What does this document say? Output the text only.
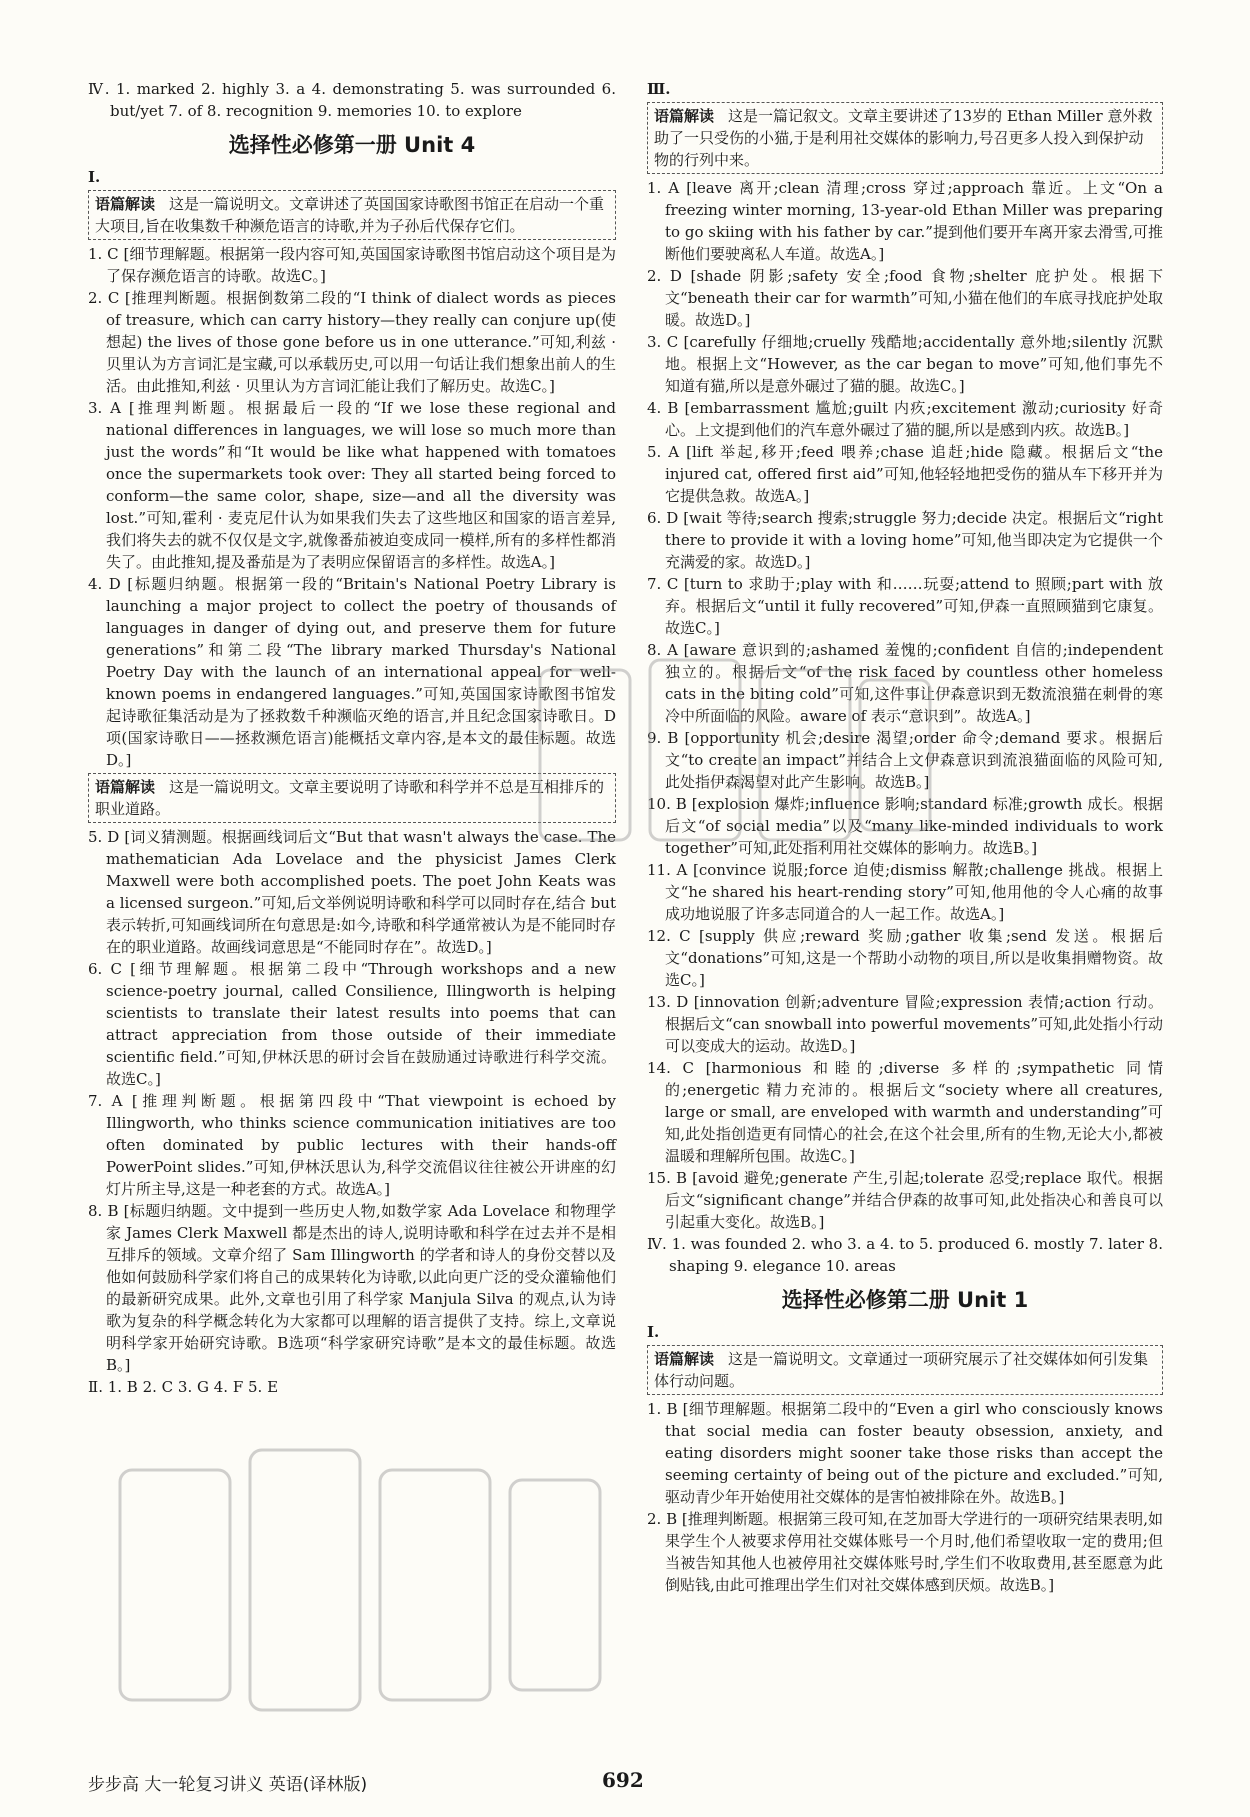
Ⅳ. 1. marked 2. highly 3. a 4. demonstrating 5. was surrounded 6. but/yet 7. of 8. recognition 9. memories 10. to explore

选择性必修第一册 Unit 4

Ⅰ.

语篇解读 这是一篇说明文。文章讲述了英国国家诗歌图书馆正在启动一个重大项目,旨在收集数千种濒危语言的诗歌,并为子孙后代保存它们。

1. C [细节理解题。根据第一段内容可知,英国国家诗歌图书馆启动这个项目是为了保存濒危语言的诗歌。故选C。]

2. C [推理判断题。根据倒数第二段的“I think of dialect words as pieces of treasure, which can carry history—they really can conjure up(使想起) the lives of those gone before us in one utterance.”可知,利兹 · 贝里认为方言词汇是宝藏,可以承载历史,可以用一句话让我们想象出前人的生活。由此推知,利兹 · 贝里认为方言词汇能让我们了解历史。故选C。]

3. A [推理判断题。根据最后一段的“If we lose these regional and national differences in languages, we will lose so much more than just the words”和“It would be like what happened with tomatoes once the supermarkets took over: They all started being forced to conform—the same color, shape, size—and all the diversity was lost.”可知,霍利 · 麦克尼什认为如果我们失去了这些地区和国家的语言差异,我们将失去的就不仅仅是文字,就像番茄被迫变成同一模样,所有的多样性都消失了。由此推知,提及番茄是为了表明应保留语言的多样性。故选A。]

4. D [标题归纳题。根据第一段的“Britain's National Poetry Library is launching a major project to collect the poetry of thousands of languages in danger of dying out, and preserve them for future generations”和第二段“The library marked Thursday's National Poetry Day with the launch of an international appeal for well-known poems in endangered languages.”可知,英国国家诗歌图书馆发起诗歌征集活动是为了拯救数千种濒临灭绝的语言,并且纪念国家诗歌日。D项(国家诗歌日——拯救濒危语言)能概括文章内容,是本文的最佳标题。故选D。]

语篇解读 这是一篇说明文。文章主要说明了诗歌和科学并不总是互相排斥的职业道路。

5. D [词义猜测题。根据画线词后文“But that wasn't always the case. The mathematician Ada Lovelace and the physicist James Clerk Maxwell were both accomplished poets. The poet John Keats was a licensed surgeon.”可知,后文举例说明诗歌和科学可以同时存在,结合 but 表示转折,可知画线词所在句意思是:如今,诗歌和科学通常被认为是不能同时存在的职业道路。故画线词意思是“不能同时存在”。故选D。]

6. C [细节理解题。根据第二段中“Through workshops and a new science-poetry journal, called Consilience, Illingworth is helping scientists to translate their latest results into poems that can attract appreciation from those outside of their immediate scientific field.”可知,伊林沃思的研讨会旨在鼓励通过诗歌进行科学交流。故选C。]

7. A [推理判断题。根据第四段中“That viewpoint is echoed by Illingworth, who thinks science communication initiatives are too often dominated by public lectures with their hands-off PowerPoint slides.”可知,伊林沃思认为,科学交流倡议往往被公开讲座的幻灯片所主导,这是一种老套的方式。故选A。]

8. B [标题归纳题。文中提到一些历史人物,如数学家 Ada Lovelace 和物理学家 James Clerk Maxwell 都是杰出的诗人,说明诗歌和科学在过去并不是相互排斥的领域。文章介绍了 Sam Illingworth 的学者和诗人的身份交替以及他如何鼓励科学家们将自己的成果转化为诗歌,以此向更广泛的受众灌输他们的最新研究成果。此外,文章也引用了科学家 Manjula Silva 的观点,认为诗歌为复杂的科学概念转化为大家都可以理解的语言提供了支持。综上,文章说明科学家开始研究诗歌。B选项“科学家研究诗歌”是本文的最佳标题。故选B。]

Ⅱ. 1. B 2. C 3. G 4. F 5. E

Ⅲ.

语篇解读 这是一篇记叙文。文章主要讲述了13岁的 Ethan Miller 意外救助了一只受伤的小猫,于是利用社交媒体的影响力,号召更多人投入到保护动物的行列中来。

1. A [leave 离开;clean 清理;cross 穿过;approach 靠近。上文“On a freezing winter morning, 13-year-old Ethan Miller was preparing to go skiing with his father by car.”提到他们要开车离开家去滑雪,可推断他们要驶离私人车道。故选A。]

2. D [shade 阴影;safety 安全;food 食物;shelter 庇护处。根据下文“beneath their car for warmth”可知,小猫在他们的车底寻找庇护处取暖。故选D。]

3. C [carefully 仔细地;cruelly 残酷地;accidentally 意外地;silently 沉默地。根据上文“However, as the car began to move”可知,他们事先不知道有猫,所以是意外碾过了猫的腿。故选C。]

4. B [embarrassment 尴尬;guilt 内疚;excitement 激动;curiosity 好奇心。上文提到他们的汽车意外碾过了猫的腿,所以是感到内疚。故选B。]

5. A [lift 举起,移开;feed 喂养;chase 追赶;hide 隐藏。根据后文“the injured cat, offered first aid”可知,他轻轻地把受伤的猫从车下移开并为它提供急救。故选A。]

6. D [wait 等待;search 搜索;struggle 努力;decide 决定。根据后文“right there to provide it with a loving home”可知,他当即决定为它提供一个充满爱的家。故选D。]

7. C [turn to 求助于;play with 和……玩耍;attend to 照顾;part with 放弃。根据后文“until it fully recovered”可知,伊森一直照顾猫到它康复。故选C。]

8. A [aware 意识到的;ashamed 羞愧的;confident 自信的;independent 独立的。根据后文“of the risk faced by countless other homeless cats in the biting cold”可知,这件事让伊森意识到无数流浪猫在刺骨的寒冷中所面临的风险。aware of 表示“意识到”。故选A。]

9. B [opportunity 机会;desire 渴望;order 命令;demand 要求。根据后文“to create an impact”并结合上文伊森意识到流浪猫面临的风险可知,此处指伊森渴望对此产生影响。故选B。]

10. B [explosion 爆炸;influence 影响;standard 标准;growth 成长。根据后文“of social media”以及“many like-minded individuals to work together”可知,此处指利用社交媒体的影响力。故选B。]

11. A [convince 说服;force 迫使;dismiss 解散;challenge 挑战。根据上文“he shared his heart-rending story”可知,他用他的令人心痛的故事成功地说服了许多志同道合的人一起工作。故选A。]

12. C [supply 供应;reward 奖励;gather 收集;send 发送。根据后文“donations”可知,这是一个帮助小动物的项目,所以是收集捐赠物资。故选C。]

13. D [innovation 创新;adventure 冒险;expression 表情;action 行动。根据后文“can snowball into powerful movements”可知,此处指小行动可以变成大的运动。故选D。]

14. C [harmonious 和睦的;diverse 多样的;sympathetic 同情的;energetic 精力充沛的。根据后文“society where all creatures, large or small, are enveloped with warmth and understanding”可知,此处指创造更有同情心的社会,在这个社会里,所有的生物,无论大小,都被温暖和理解所包围。故选C。]

15. B [avoid 避免;generate 产生,引起;tolerate 忍受;replace 取代。根据后文“significant change”并结合伊森的故事可知,此处指决心和善良可以引起重大变化。故选B。]

Ⅳ. 1. was founded 2. who 3. a 4. to 5. produced 6. mostly 7. later 8. shaping 9. elegance 10. areas

选择性必修第二册 Unit 1

Ⅰ.

语篇解读 这是一篇说明文。文章通过一项研究展示了社交媒体如何引发集体行动问题。

1. B [细节理解题。根据第二段中的“Even a girl who consciously knows that social media can foster beauty obsession, anxiety, and eating disorders might sooner take those risks than accept the seeming certainty of being out of the picture and excluded.”可知,驱动青少年开始使用社交媒体的是害怕被排除在外。故选B。]

2. B [推理判断题。根据第三段可知,在芝加哥大学进行的一项研究结果表明,如果学生个人被要求停用社交媒体账号一个月时,他们希望收取一定的费用;但当被告知其他人也被停用社交媒体账号时,学生们不收取费用,甚至愿意为此倒贴钱,由此可推理出学生们对社交媒体感到厌烦。故选B。]

步步高 大一轮复习讲义 英语(译林版)	692
